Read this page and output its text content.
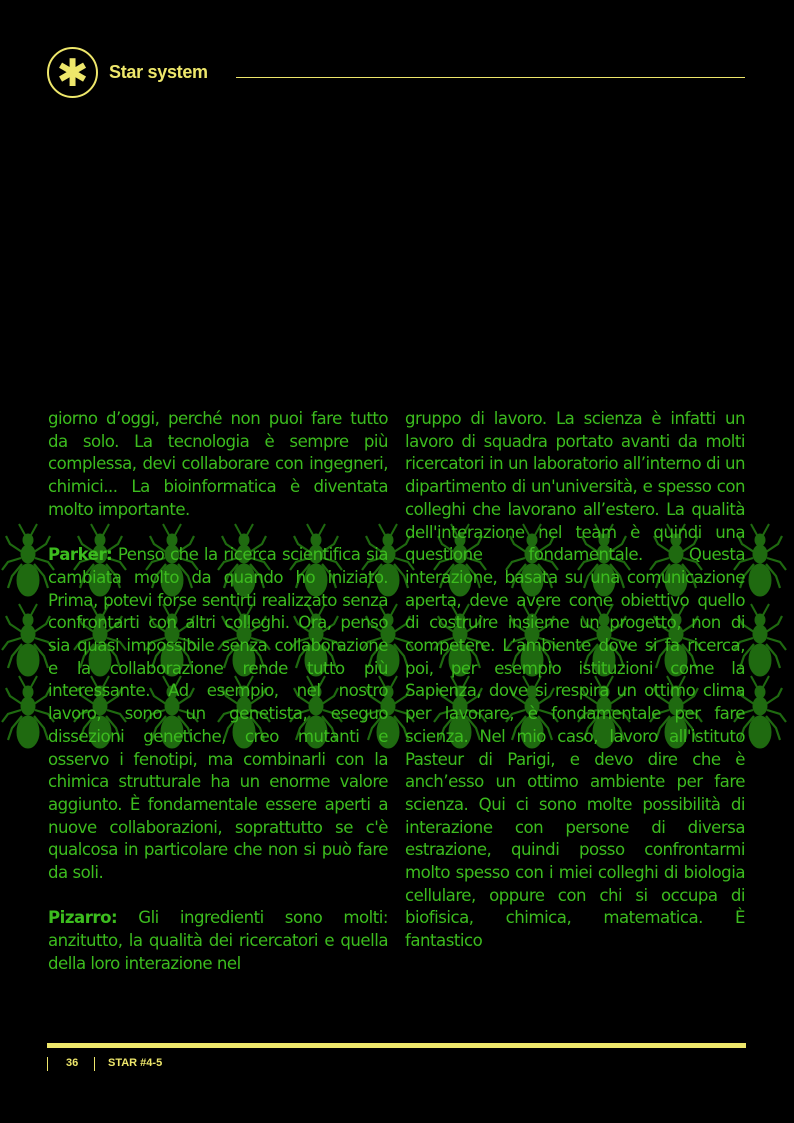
✱	Star system

giorno d’oggi, perché non puoi fare tutto da solo. La tecnologia è sempre più complessa, devi collaborare con ingegneri, chimici... La bioinformatica è diventata molto importante.

Parker: Penso che la ricerca scientifica sia cambiata molto da quando ho iniziato. Prima, potevi forse sentirti realizzato senza confrontarti con altri colleghi. Ora, penso sia quasi impossibile senza collaborazione e la collaborazione rende tutto più interessante. Ad esempio, nel nostro lavoro, sono un genetista, eseguo dissezioni genetiche, creo mutanti e osservo i fenotipi, ma combinarli con la chimica strutturale ha un enorme valore aggiunto. È fondamentale essere aperti a nuove collaborazioni, soprattutto se c'è qualcosa in particolare che non si può fare da soli.

Pizarro: Gli ingredienti sono molti: anzitutto, la qualità dei ricercatori e quella della loro interazione nel

gruppo di lavoro. La scienza è infatti un lavoro di squadra portato avanti da molti ricercatori in un laboratorio all’interno di un dipartimento di un'università, e spesso con colleghi che lavorano all’estero. La qualità dell'interazione nel team è quindi una questione fondamentale. Questa interazione, basata su una comunicazione aperta, deve avere come obiettivo quello di costruire insieme un progetto, non di competere. L’ambiente dove si fa ricerca, poi, per esempio istituzioni come la Sapienza, dove si respira un ottimo clima per lavorare, è fondamentale per fare scienza. Nel mio caso, lavoro all'istituto Pasteur di Parigi, e devo dire che è anch’esso un ottimo ambiente per fare scienza. Qui ci sono molte possibilità di interazione con persone di diversa estrazione, quindi posso confrontarmi molto spesso con i miei colleghi di biologia cellulare, oppure con chi si occupa di biofisica, chimica, matematica. È fantastico

36	STAR #4-5
